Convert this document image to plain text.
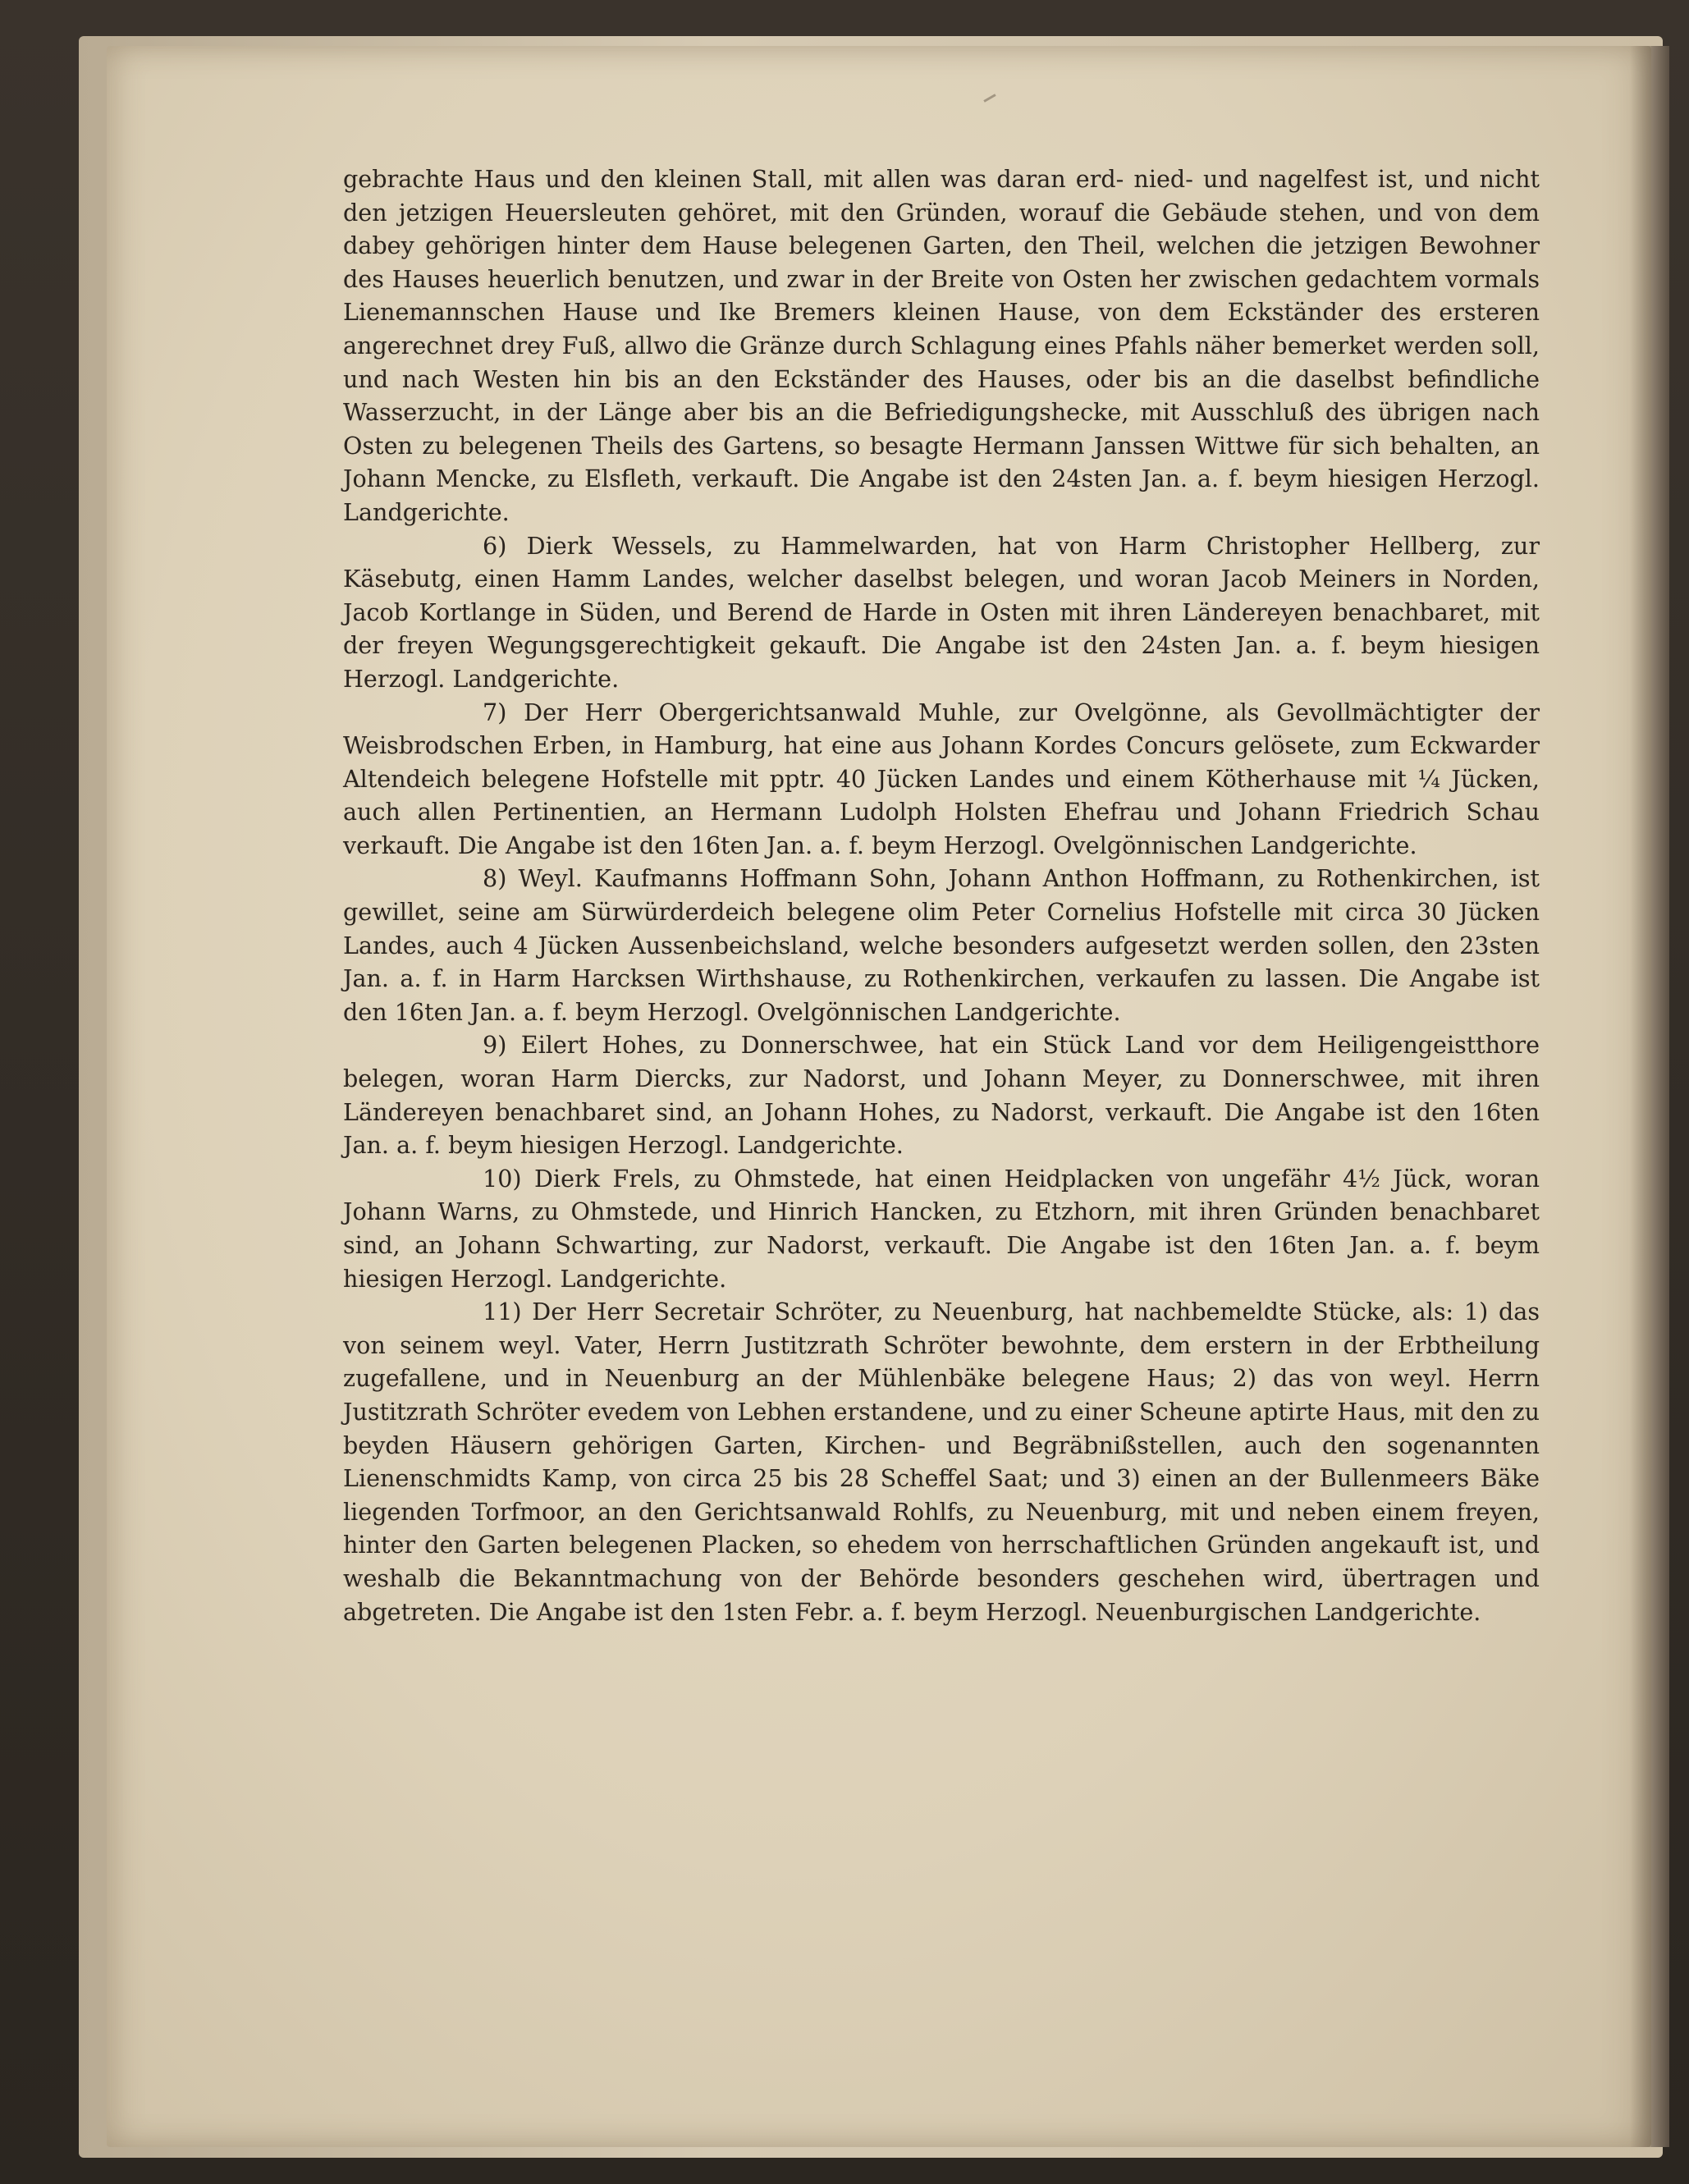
gebrachte Haus und den kleinen Stall, mit allen was daran erd- nied- und nagelfest ist, und nicht den jetzigen Heuersleuten gehöret, mit den Gründen, worauf die Gebäude stehen, und von dem dabey gehörigen hinter dem Hause belegenen Garten, den Theil, welchen die jetzigen Bewohner des Hauses heuerlich benutzen, und zwar in der Breite von Osten her zwischen gedachtem vormals Lienemannschen Hause und Ike Bremers kleinen Hause, von dem Eckständer des ersteren angerechnet drey Fuß, allwo die Gränze durch Schlagung eines Pfahls näher bemerket werden soll, und nach Westen hin bis an den Eckständer des Hauses, oder bis an die daselbst befindliche Wasserzucht, in der Länge aber bis an die Befriedigungshecke, mit Ausschluß des übrigen nach Osten zu belegenen Theils des Gartens, so besagte Hermann Janssen Wittwe für sich behalten, an Johann Mencke, zu Elsfleth, verkauft. Die Angabe ist den 24sten Jan. a. f. beym hiesigen Herzogl. Landgerichte.

6) Dierk Wessels, zu Hammelwarden, hat von Harm Christopher Hellberg, zur Käsebutg, einen Hamm Landes, welcher daselbst belegen, und woran Jacob Meiners in Norden, Jacob Kortlange in Süden, und Berend de Harde in Osten mit ihren Ländereyen benachbaret, mit der freyen Wegungsgerechtigkeit gekauft. Die Angabe ist den 24sten Jan. a. f. beym hiesigen Herzogl. Landgerichte.

7) Der Herr Obergerichtsanwald Muhle, zur Ovelgönne, als Gevollmächtigter der Weisbrodschen Erben, in Hamburg, hat eine aus Johann Kordes Concurs gelösete, zum Eckwarder Altendeich belegene Hofstelle mit pptr. 40 Jücken Landes und einem Kötherhause mit ¼ Jücken, auch allen Pertinentien, an Hermann Ludolph Holsten Ehefrau und Johann Friedrich Schau verkauft. Die Angabe ist den 16ten Jan. a. f. beym Herzogl. Ovelgönnischen Landgerichte.

8) Weyl. Kaufmanns Hoffmann Sohn, Johann Anthon Hoffmann, zu Rothenkirchen, ist gewillet, seine am Sürwürderdeich belegene olim Peter Cornelius Hofstelle mit circa 30 Jücken Landes, auch 4 Jücken Aussenbeichsland, welche besonders aufgesetzt werden sollen, den 23sten Jan. a. f. in Harm Harcksen Wirthshause, zu Rothenkirchen, verkaufen zu lassen. Die Angabe ist den 16ten Jan. a. f. beym Herzogl. Ovelgönnischen Landgerichte.

9) Eilert Hohes, zu Donnerschwee, hat ein Stück Land vor dem Heiligengeistthore belegen, woran Harm Diercks, zur Nadorst, und Johann Meyer, zu Donnerschwee, mit ihren Ländereyen benachbaret sind, an Johann Hohes, zu Nadorst, verkauft. Die Angabe ist den 16ten Jan. a. f. beym hiesigen Herzogl. Landgerichte.

10) Dierk Frels, zu Ohmstede, hat einen Heidplacken von ungefähr 4½ Jück, woran Johann Warns, zu Ohmstede, und Hinrich Hancken, zu Etzhorn, mit ihren Gründen benachbaret sind, an Johann Schwarting, zur Nadorst, verkauft. Die Angabe ist den 16ten Jan. a. f. beym hiesigen Herzogl. Landgerichte.

11) Der Herr Secretair Schröter, zu Neuenburg, hat nachbemeldte Stücke, als: 1) das von seinem weyl. Vater, Herrn Justitzrath Schröter bewohnte, dem erstern in der Erbtheilung zugefallene, und in Neuenburg an der Mühlenbäke belegene Haus; 2) das von weyl. Herrn Justitzrath Schröter evedem von Lebhen erstandene, und zu einer Scheune aptirte Haus, mit den zu beyden Häusern gehörigen Garten, Kirchen- und Begräbnißstellen, auch den sogenannten Lienenschmidts Kamp, von circa 25 bis 28 Scheffel Saat; und 3) einen an der Bullenmeers Bäke liegenden Torfmoor, an den Gerichtsanwald Rohlfs, zu Neuenburg, mit und neben einem freyen, hinter den Garten belegenen Placken, so ehedem von herrschaftlichen Gründen angekauft ist, und weshalb die Bekanntmachung von der Behörde besonders geschehen wird, übertragen und abgetreten. Die Angabe ist den 1sten Febr. a. f. beym Herzogl. Neuenburgischen Landgerichte.
